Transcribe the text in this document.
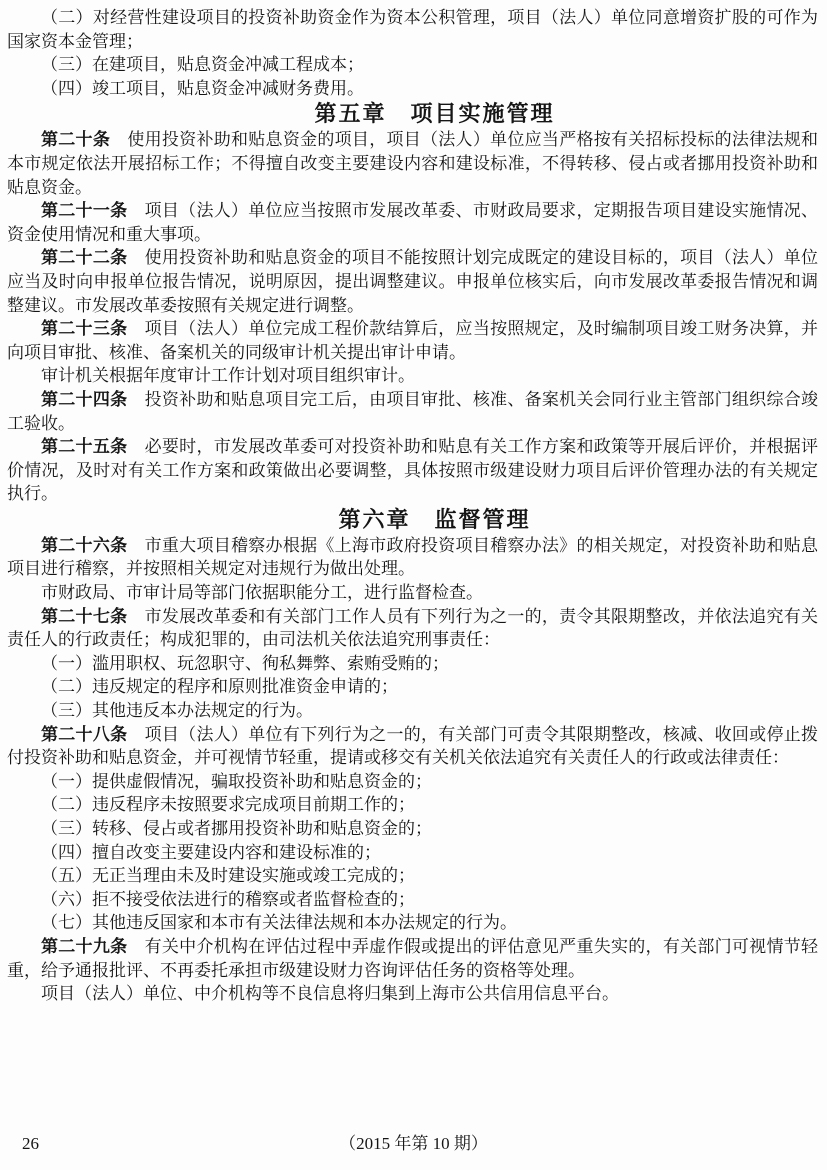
（二）对经营性建设项目的投资补助资金作为资本公积管理，项目（法人）单位同意增资扩股的可作为国家资本金管理；

（三）在建项目，贴息资金冲减工程成本；

（四）竣工项目，贴息资金冲减财务费用。

第五章　项目实施管理

第二十条　使用投资补助和贴息资金的项目，项目（法人）单位应当严格按有关招标投标的法律法规和本市规定依法开展招标工作；不得擅自改变主要建设内容和建设标准，不得转移、侵占或者挪用投资补助和贴息资金。

第二十一条　项目（法人）单位应当按照市发展改革委、市财政局要求，定期报告项目建设实施情况、资金使用情况和重大事项。

第二十二条　使用投资补助和贴息资金的项目不能按照计划完成既定的建设目标的，项目（法人）单位应当及时向申报单位报告情况，说明原因，提出调整建议。申报单位核实后，向市发展改革委报告情况和调整建议。市发展改革委按照有关规定进行调整。

第二十三条　项目（法人）单位完成工程价款结算后，应当按照规定，及时编制项目竣工财务决算，并向项目审批、核准、备案机关的同级审计机关提出审计申请。

审计机关根据年度审计工作计划对项目组织审计。

第二十四条　投资补助和贴息项目完工后，由项目审批、核准、备案机关会同行业主管部门组织综合竣工验收。

第二十五条　必要时，市发展改革委可对投资补助和贴息有关工作方案和政策等开展后评价，并根据评价情况，及时对有关工作方案和政策做出必要调整，具体按照市级建设财力项目后评价管理办法的有关规定执行。

第六章　监督管理

第二十六条　市重大项目稽察办根据《上海市政府投资项目稽察办法》的相关规定，对投资补助和贴息项目进行稽察，并按照相关规定对违规行为做出处理。

市财政局、市审计局等部门依据职能分工，进行监督检查。

第二十七条　市发展改革委和有关部门工作人员有下列行为之一的，责令其限期整改，并依法追究有关责任人的行政责任；构成犯罪的，由司法机关依法追究刑事责任：

（一）滥用职权、玩忽职守、徇私舞弊、索贿受贿的；

（二）违反规定的程序和原则批准资金申请的；

（三）其他违反本办法规定的行为。

第二十八条　项目（法人）单位有下列行为之一的，有关部门可责令其限期整改，核减、收回或停止拨付投资补助和贴息资金，并可视情节轻重，提请或移交有关机关依法追究有关责任人的行政或法律责任：

（一）提供虚假情况，骗取投资补助和贴息资金的；

（二）违反程序未按照要求完成项目前期工作的；

（三）转移、侵占或者挪用投资补助和贴息资金的；

（四）擅自改变主要建设内容和建设标准的；

（五）无正当理由未及时建设实施或竣工完成的；

（六）拒不接受依法进行的稽察或者监督检查的；

（七）其他违反国家和本市有关法律法规和本办法规定的行为。

第二十九条　有关中介机构在评估过程中弄虚作假或提出的评估意见严重失实的，有关部门可视情节轻重，给予通报批评、不再委托承担市级建设财力咨询评估任务的资格等处理。

项目（法人）单位、中介机构等不良信息将归集到上海市公共信用信息平台。

26	（2015 年第 10 期）
